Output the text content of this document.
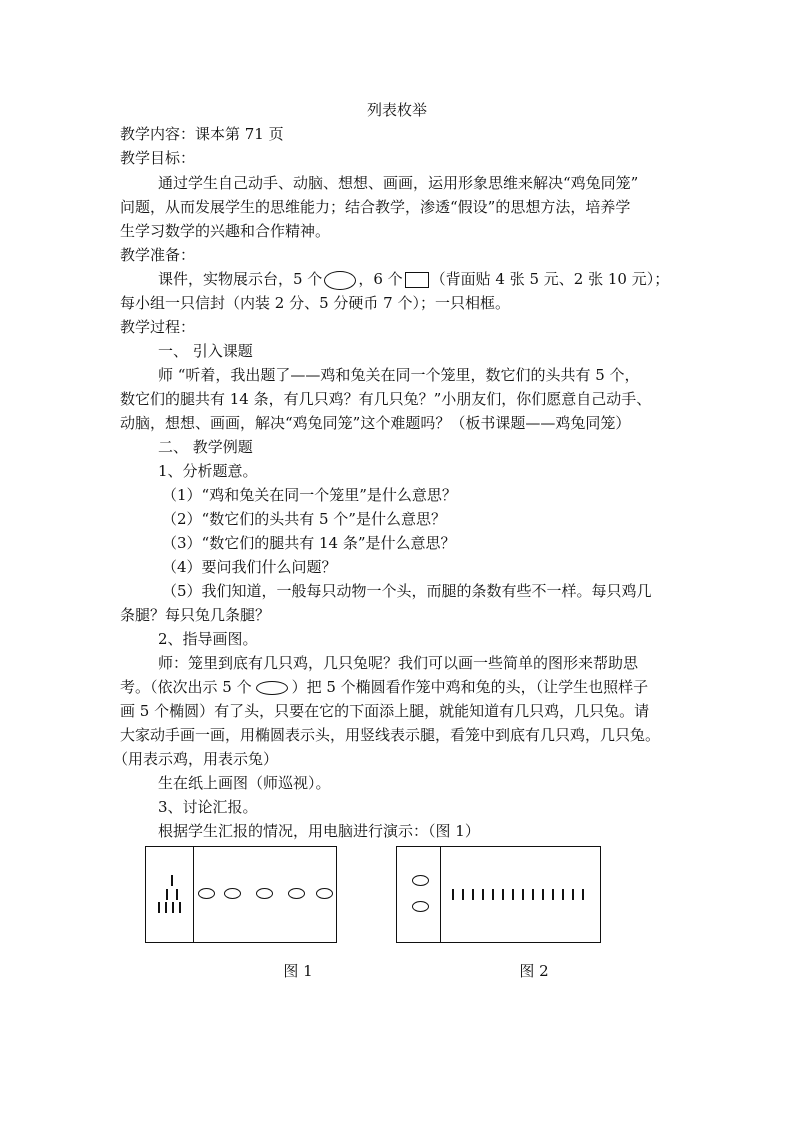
列表枚举
教学内容：课本第 71 页
教学目标：
通过学生自己动手、动脑、想想、画画，运用形象思维来解决“鸡兔同笼”
问题，从而发展学生的思维能力；结合教学，渗透“假设”的思想方法，培养学
生学习数学的兴趣和合作精神。
教学准备：
课件，实物展示台，5 个 ，6 个 （背面贴 4 张 5 元、2 张 10 元）；
每小组一只信封（内装 2 分、5 分硬币 7 个）；一只相框。
教学过程：
一、 引入课题
师 “听着，我出题了——鸡和兔关在同一个笼里，数它们的头共有 5 个，
数它们的腿共有 14 条，有几只鸡？有几只兔？”小朋友们，你们愿意自己动手、
动脑，想想、画画，解决“鸡兔同笼”这个难题吗？（板书课题——鸡兔同笼）
二、 教学例题
1、分析题意。
（1）“鸡和兔关在同一个笼里”是什么意思？
（2）“数它们的头共有 5 个”是什么意思？
（3）“数它们的腿共有 14 条”是什么意思？
（4）要问我们什么问题？
（5）我们知道，一般每只动物一个头，而腿的条数有些不一样。每只鸡几
条腿？每只兔几条腿？
2、指导画图。
师：笼里到底有几只鸡，几只兔呢？我们可以画一些简单的图形来帮助思
考。（依次出示 5 个	）把 5 个椭圆看作笼中鸡和兔的头，（让学生也照样子
画 5 个椭圆）有了头，只要在它的下面添上腿，就能知道有几只鸡，几只兔。请
大家动手画一画，用椭圆表示头，用竖线表示腿，看笼中到底有几只鸡，几只兔。
（用表示鸡，用表示兔）
生在纸上画图（师巡视）。
3、讨论汇报。
根据学生汇报的情况，用电脑进行演示：（图 1）
图 1	图 2
